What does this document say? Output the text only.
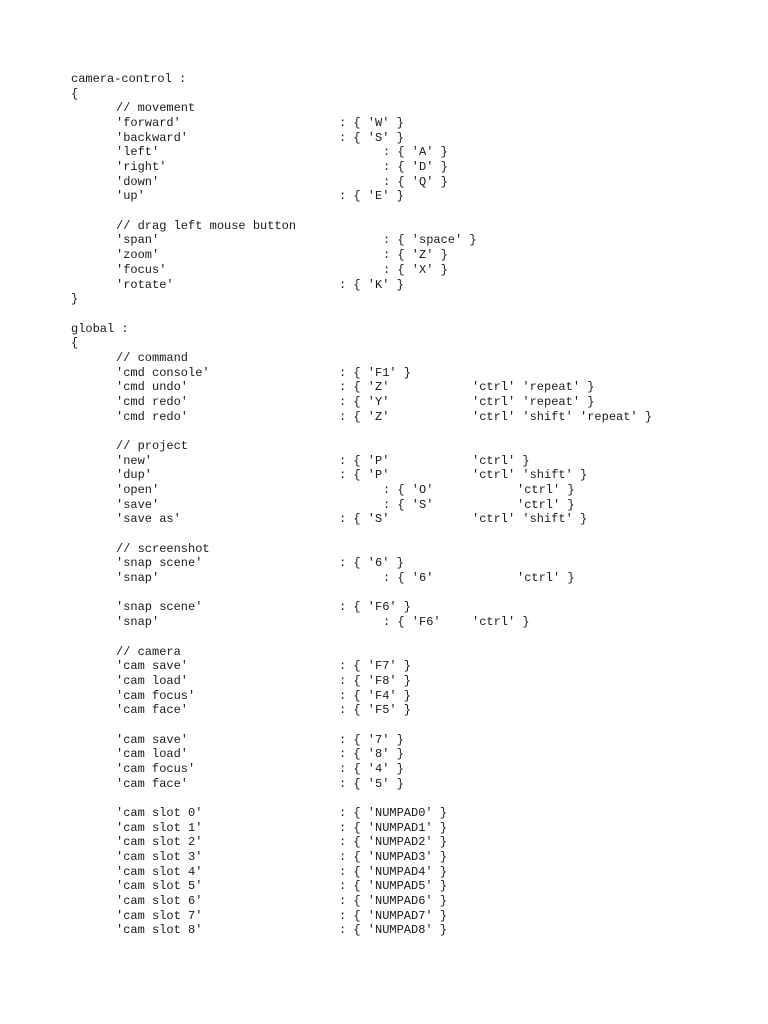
camera-control :
{
// movement
'forward'	: { 'W' }
'backward'	: { 'S' }
'left'	: { 'A' }
'right'	: { 'D' }
'down'	: { 'Q' }
'up'	: { 'E' }
// drag left mouse button
'span'	: { 'space' }
'zoom'	: { 'Z' }
'focus'	: { 'X' }
'rotate'	: { 'K' }
}
global :
{
// command
'cmd console'	: { 'F1' }
'cmd undo'	: { 'Z'	'ctrl' 'repeat' }
'cmd redo'	: { 'Y'	'ctrl' 'repeat' }
'cmd redo'	: { 'Z'	'ctrl' 'shift' 'repeat' }
// project
'new'	: { 'P'	'ctrl' }
'dup'	: { 'P'	'ctrl' 'shift' }
'open'	: { 'O'	'ctrl' }
'save'	: { 'S'	'ctrl' }
'save as'	: { 'S'	'ctrl' 'shift' }
// screenshot
'snap scene'	: { '6' }
'snap'	: { '6'	'ctrl' }
'snap scene'	: { 'F6' }
'snap'	: { 'F6'	'ctrl' }
// camera
'cam save'	: { 'F7' }
'cam load'	: { 'F8' }
'cam focus'	: { 'F4' }
'cam face'	: { 'F5' }
'cam save'	: { '7' }
'cam load'	: { '8' }
'cam focus'	: { '4' }
'cam face'	: { '5' }
'cam slot 0'	: { 'NUMPAD0' }
'cam slot 1'	: { 'NUMPAD1' }
'cam slot 2'	: { 'NUMPAD2' }
'cam slot 3'	: { 'NUMPAD3' }
'cam slot 4'	: { 'NUMPAD4' }
'cam slot 5'	: { 'NUMPAD5' }
'cam slot 6'	: { 'NUMPAD6' }
'cam slot 7'	: { 'NUMPAD7' }
'cam slot 8'	: { 'NUMPAD8' }
